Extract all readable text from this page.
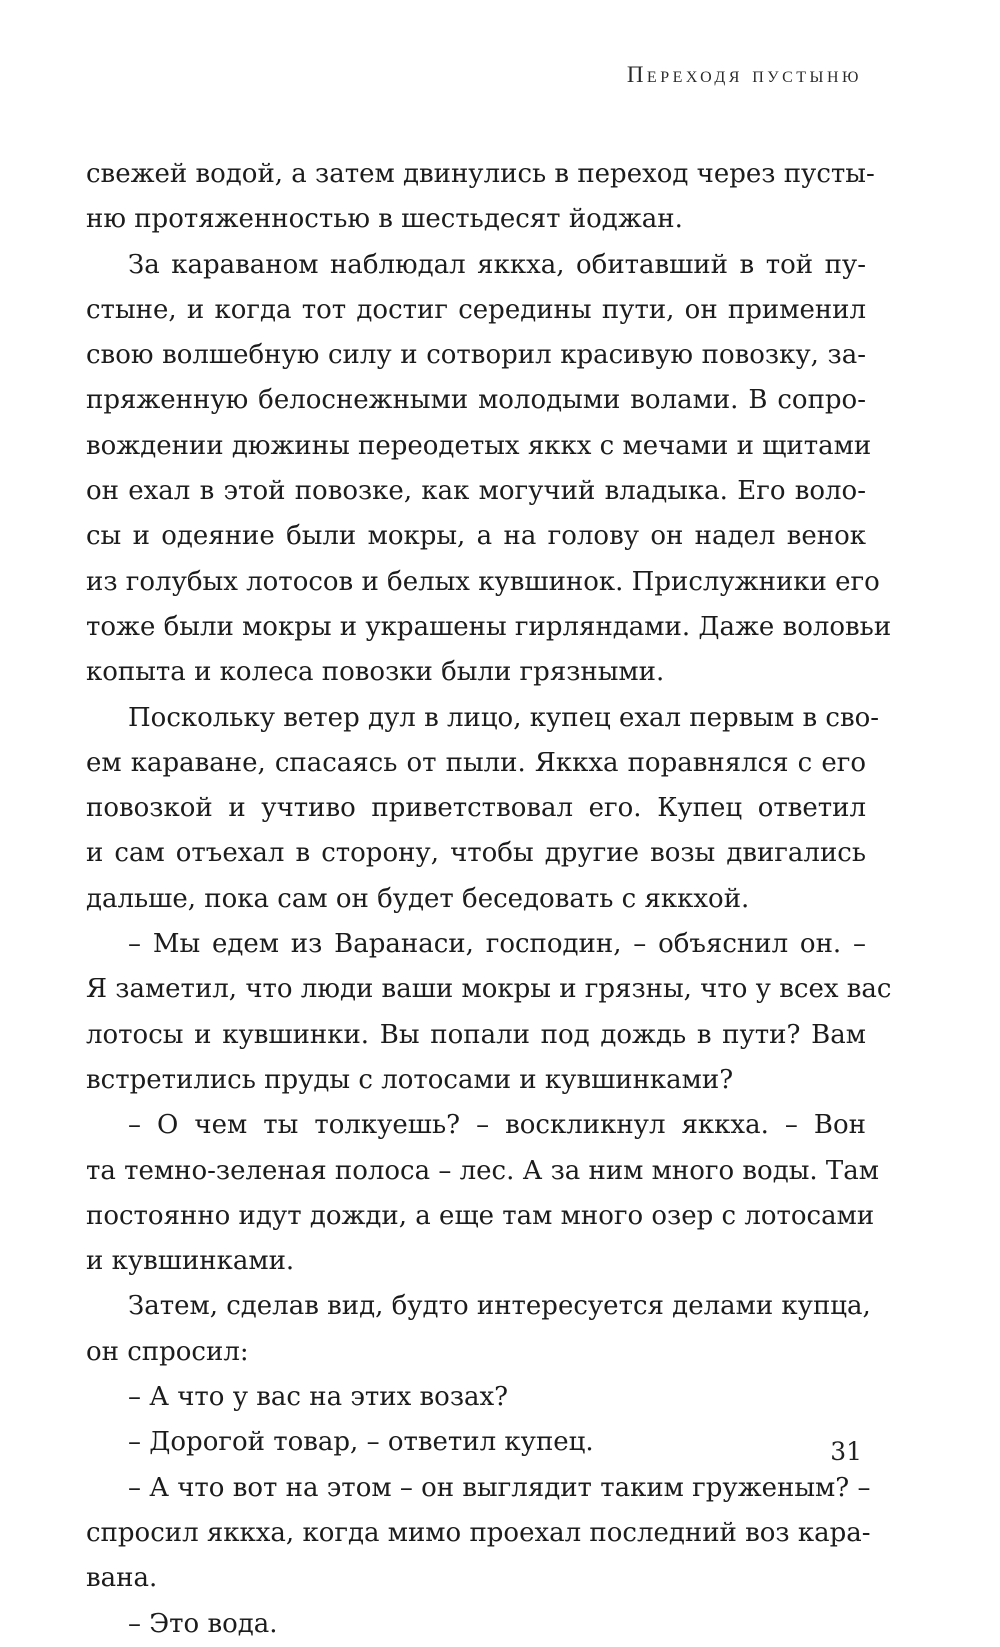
Переходя пустыню
свежей водой, а затем двинулись в переход через пусты-
ню протяженностью в шестьдесят йоджан.
За караваном наблюдал яккха, обитавший в той пу-
стыне, и когда тот достиг середины пути, он применил
свою волшебную силу и сотворил красивую повозку, за-
пряженную белоснежными молодыми волами. В сопро-
вождении дюжины переодетых яккх с мечами и щитами
он ехал в этой повозке, как могучий владыка. Его воло-
сы и одеяние были мокры, а на голову он надел венок
из голубых лотосов и белых кувшинок. Прислужники его
тоже были мокры и украшены гирляндами. Даже воловьи
копыта и колеса повозки были грязными.
Поскольку ветер дул в лицо, купец ехал первым в сво-
ем караване, спасаясь от пыли. Яккха поравнялся с его
повозкой и учтиво приветствовал его. Купец ответил
и сам отъехал в сторону, чтобы другие возы двигались
дальше, пока сам он будет беседовать с яккхой.
– Мы едем из Варанаси, господин, – объяснил он. –
Я заметил, что люди ваши мокры и грязны, что у всех вас
лотосы и кувшинки. Вы попали под дождь в пути? Вам
встретились пруды с лотосами и кувшинками?
– О чем ты толкуешь? – воскликнул яккха. – Вон
та темно-зеленая полоса – лес. А за ним много воды. Там
постоянно идут дожди, а еще там много озер с лотосами
и кувшинками.
Затем, сделав вид, будто интересуется делами купца,
он спросил:
– А что у вас на этих возах?
– Дорогой товар, – ответил купец.
– А что вот на этом – он выглядит таким груженым? –
спросил яккха, когда мимо проехал последний воз кара-
вана.
– Это вода.
31
